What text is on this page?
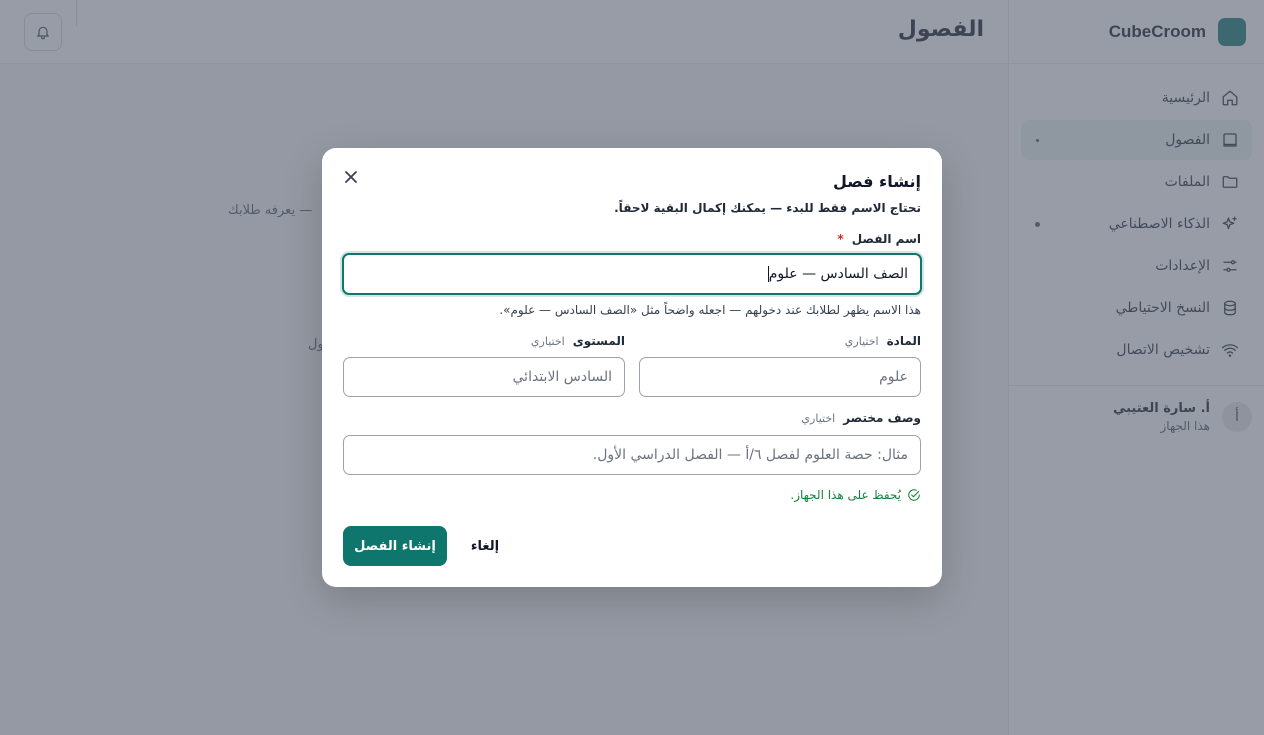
إنشاء فصل
تحتاج الاسم فقط للبدء — يمكنك إكمال البقية لاحقاً.
اسم الفصل
*
الصف السادس — علوم
هذا الاسم يظهر لطلابك عند دخولهم — اجعله واضحاً مثل «الصف السادس — علوم».
المادة
اختياري
علوم
المستوى
اختياري
السادس الابتدائي
وصف مختصر
اختياري
مثال: حصة العلوم لفصل ٦/أ — الفصل الدراسي الأول.
يُحفظ على هذا الجهاز.
إلغاء
إنشاء الفصل
